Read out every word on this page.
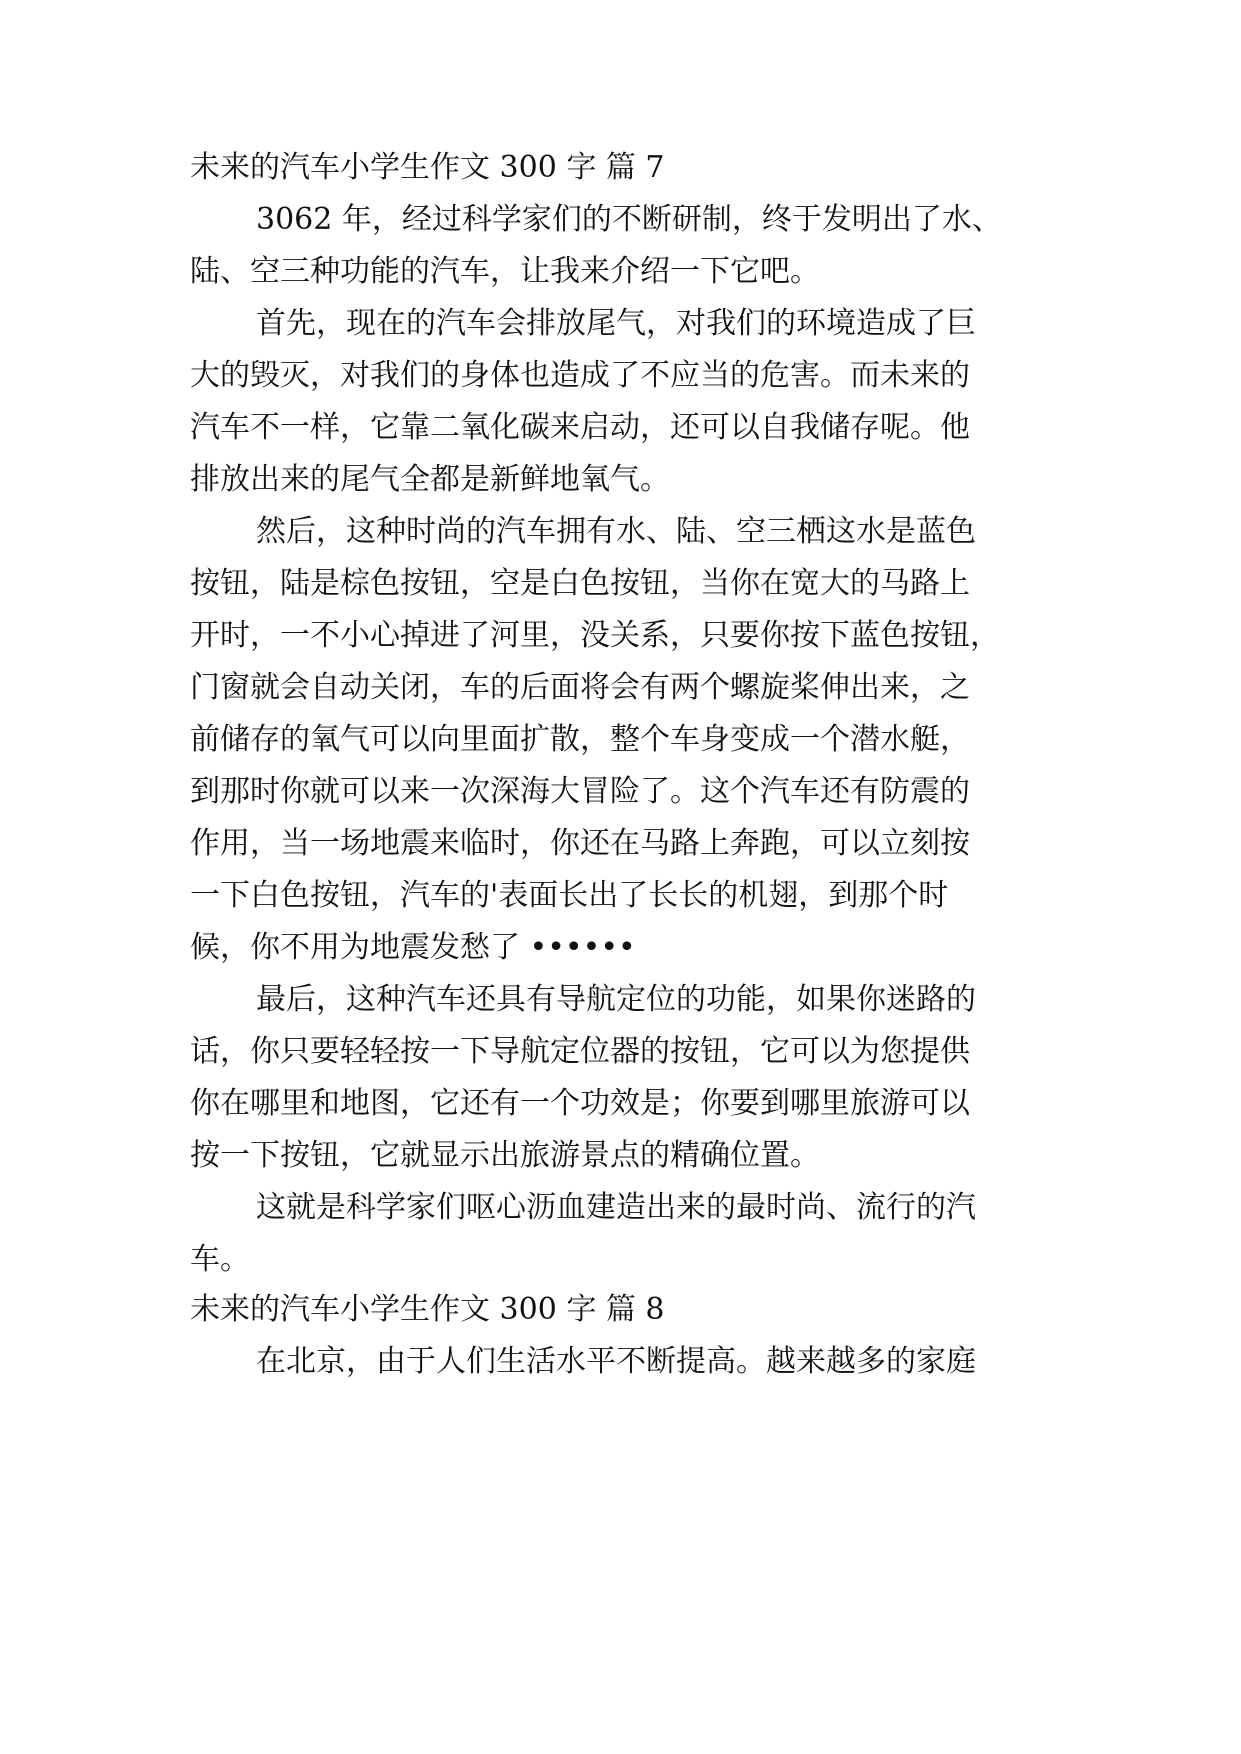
未来的汽车小学生作文 300 字 篇 7
3062 年，经过科学家们的不断研制，终于发明出了水、
陆、空三种功能的汽车，让我来介绍一下它吧。
首先，现在的汽车会排放尾气，对我们的环境造成了巨
大的毁灭，对我们的身体也造成了不应当的危害。而未来的
汽车不一样，它靠二氧化碳来启动，还可以自我储存呢。他
排放出来的尾气全都是新鲜地氧气。
然后，这种时尚的汽车拥有水、陆、空三栖这水是蓝色
按钮，陆是棕色按钮，空是白色按钮，当你在宽大的马路上
开时，一不小心掉进了河里，没关系，只要你按下蓝色按钮，
门窗就会自动关闭，车的后面将会有两个螺旋桨伸出来，之
前储存的氧气可以向里面扩散，整个车身变成一个潜水艇，
到那时你就可以来一次深海大冒险了。这个汽车还有防震的
作用，当一场地震来临时，你还在马路上奔跑，可以立刻按
一下白色按钮，汽车的'表面长出了长长的机翅，到那个时
候，你不用为地震发愁了 ••••••
最后，这种汽车还具有导航定位的功能，如果你迷路的
话，你只要轻轻按一下导航定位器的按钮，它可以为您提供
你在哪里和地图，它还有一个功效是；你要到哪里旅游可以
按一下按钮，它就显示出旅游景点的精确位置。
这就是科学家们呕心沥血建造出来的最时尚、流行的汽
车。
未来的汽车小学生作文 300 字 篇 8
在北京，由于人们生活水平不断提高。越来越多的家庭
